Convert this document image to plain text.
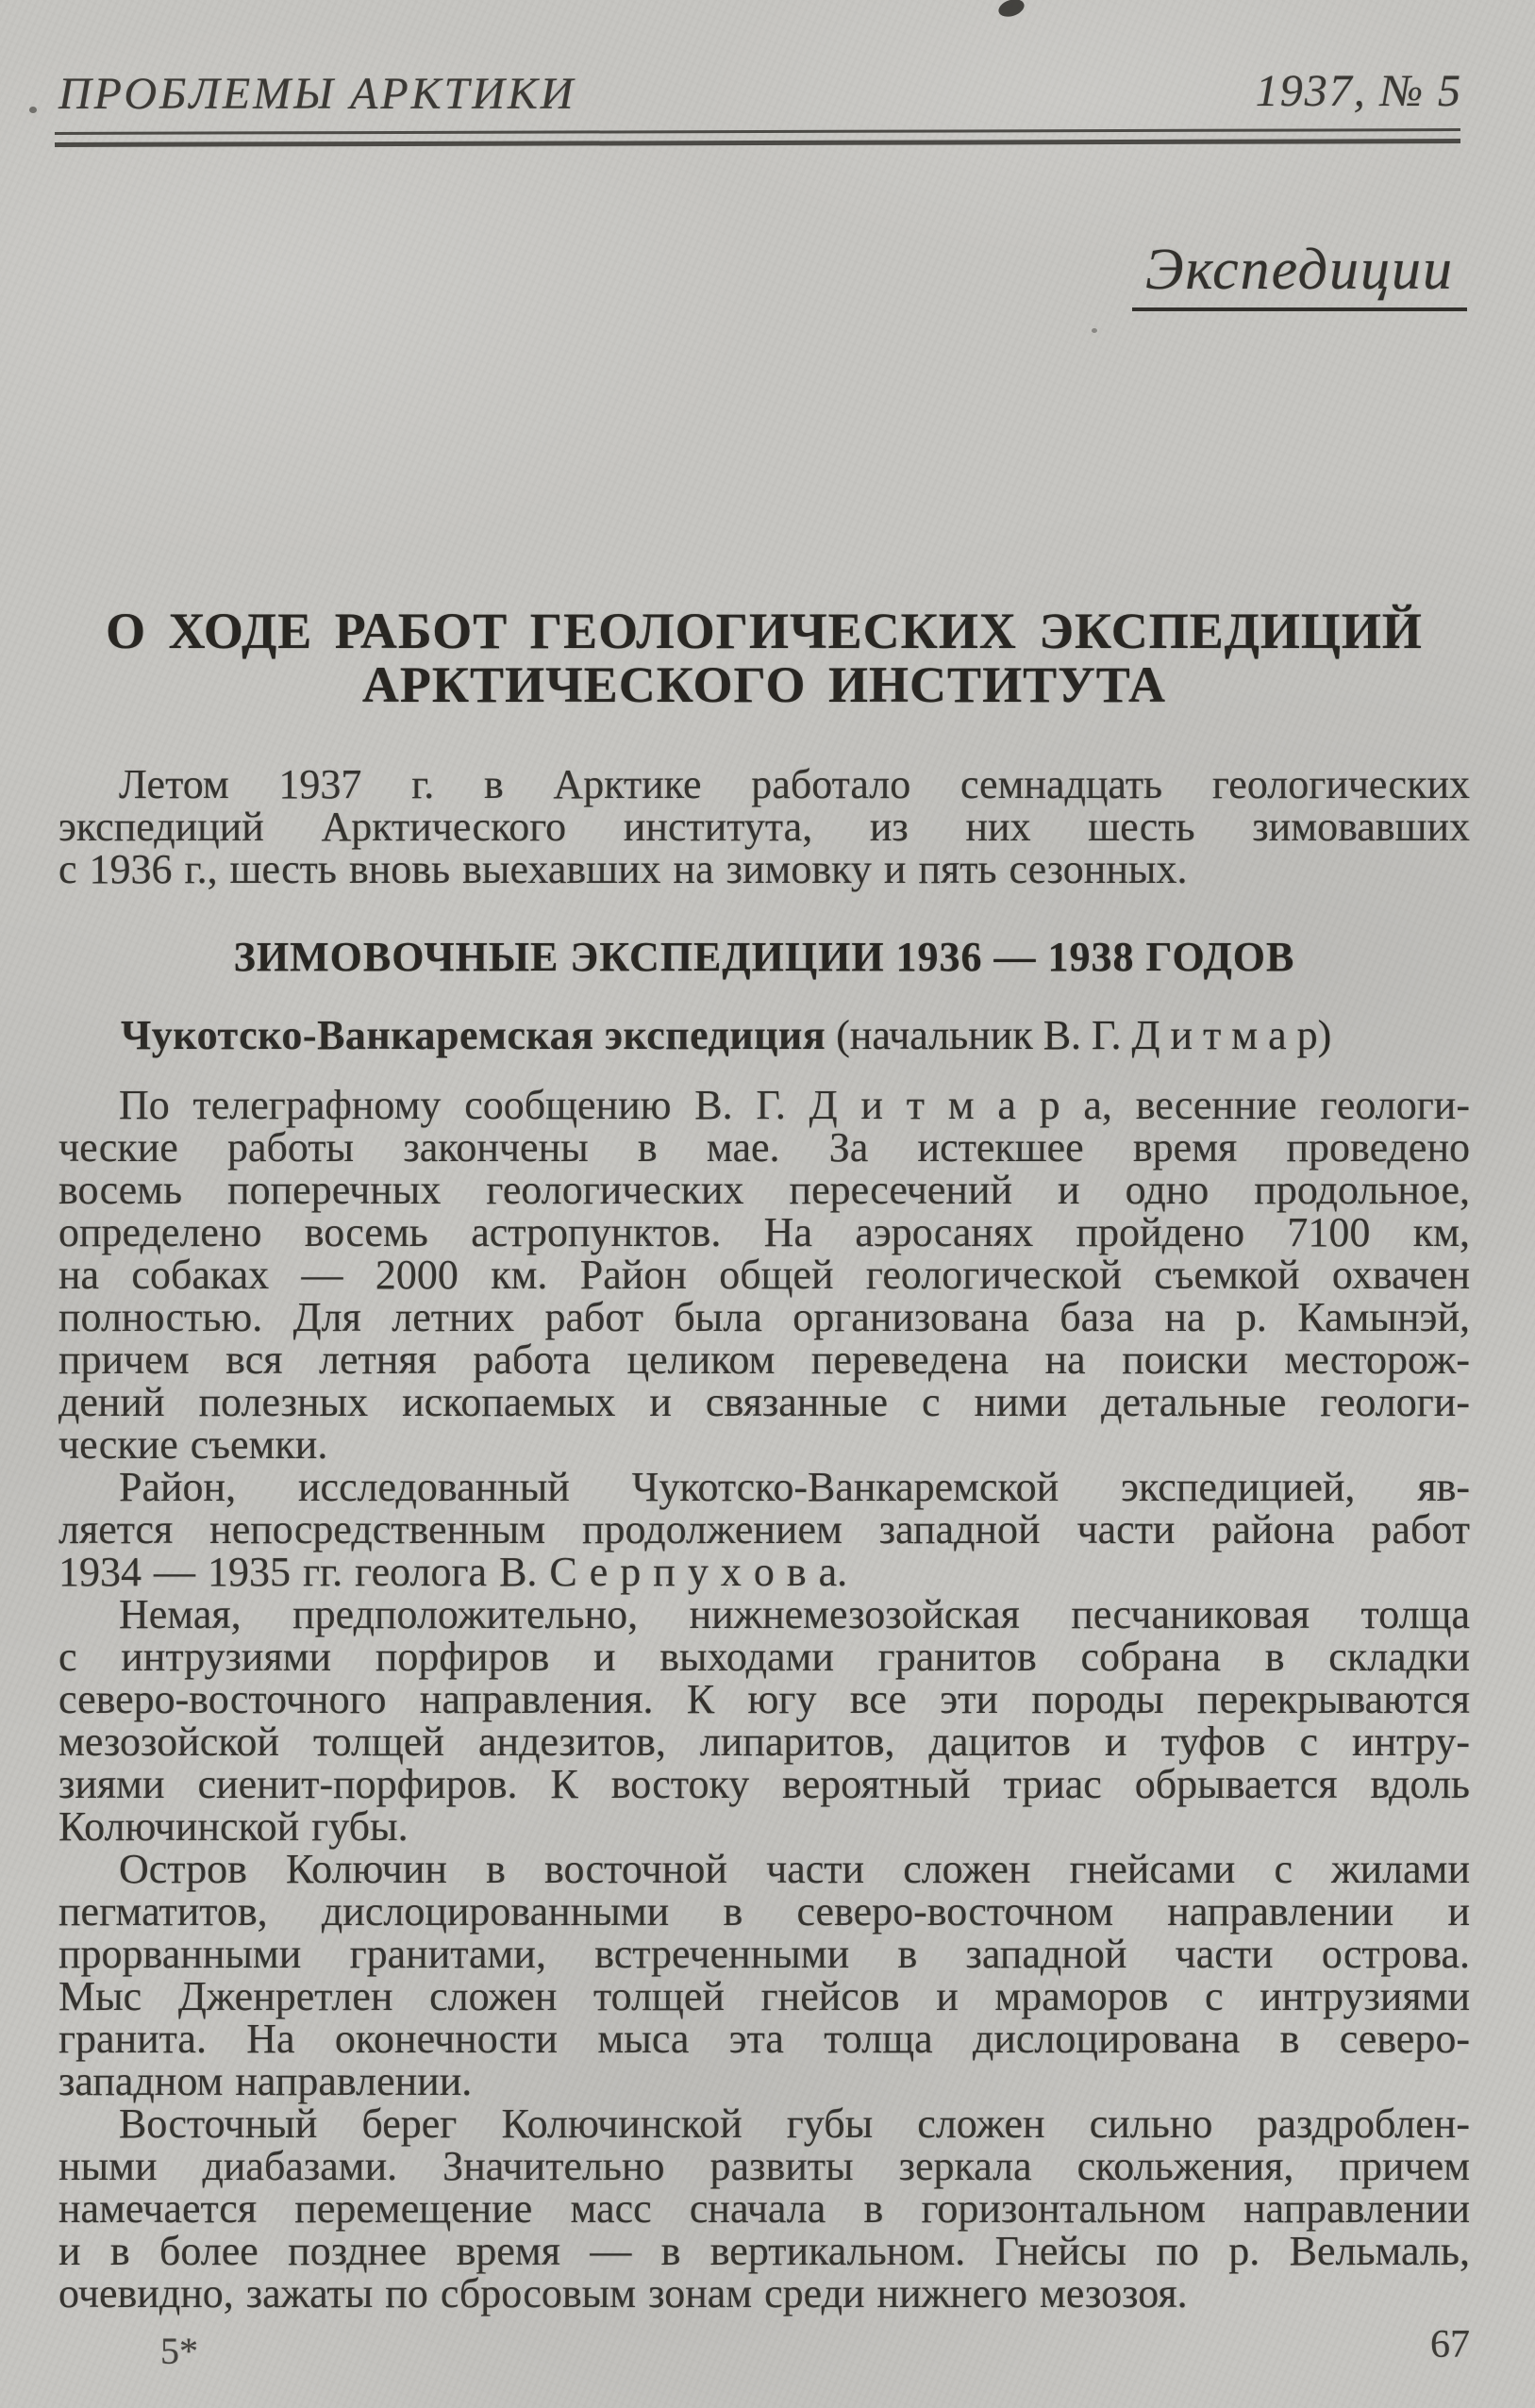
ПРОБЛЕМЫ АРКТИКИ	1937, № 5
Экспедиции
О ХОДЕ РАБОТ ГЕОЛОГИЧЕСКИХ ЭКСПЕДИЦИЙ
АРКТИЧЕСКОГО ИНСТИТУТА
Летом 1937 г. в Арктике работало семнадцать геологических
экспедиций Арктического института, из них шесть зимовавших
с 1936 г., шесть вновь выехавших на зимовку и пять сезонных.
ЗИМОВОЧНЫЕ ЭКСПЕДИЦИИ 1936 — 1938 ГОДОВ
Чукотско-Ванкаремская экспедиция (начальник В. Г. Д и т м а р)
По телеграфному сообщению В. Г. Д и т м а р а, весенние геологи-
ческие работы закончены в мае. За истекшее время проведено
восемь поперечных геологических пересечений и одно продольное,
определено восемь астропунктов. На аэросанях пройдено 7100 км,
на собаках — 2000 км. Район общей геологической съемкой охвачен
полностью. Для летних работ была организована база на р. Камынэй,
причем вся летняя работа целиком переведена на поиски месторож-
дений полезных ископаемых и связанные с ними детальные геологи-
ческие съемки.
Район, исследованный Чукотско-Ванкаремской экспедицией, яв-
ляется непосредственным продолжением западной части района работ
1934 — 1935 гг. геолога В. С е р п у х о в а.
Немая, предположительно, нижнемезозойская песчаниковая толща
с интрузиями порфиров и выходами гранитов собрана в складки
северо-восточного направления. К югу все эти породы перекрываются
мезозойской толщей андезитов, липаритов, дацитов и туфов с интру-
зиями сиенит-порфиров. К востоку вероятный триас обрывается вдоль
Колючинской губы.
Остров Колючин в восточной части сложен гнейсами с жилами
пегматитов, дислоцированными в северо-восточном направлении и
прорванными гранитами, встреченными в западной части острова.
Мыс Дженретлен сложен толщей гнейсов и мраморов с интрузиями
гранита. На оконечности мыса эта толща дислоцирована в северо-
западном направлении.
Восточный берег Колючинской губы сложен сильно раздроблен-
ными диабазами. Значительно развиты зеркала скольжения, причем
намечается перемещение масс сначала в горизонтальном направлении
и в более позднее время — в вертикальном. Гнейсы по р. Вельмаль,
очевидно, зажаты по сбросовым зонам среди нижнего мезозоя.
5*	67
